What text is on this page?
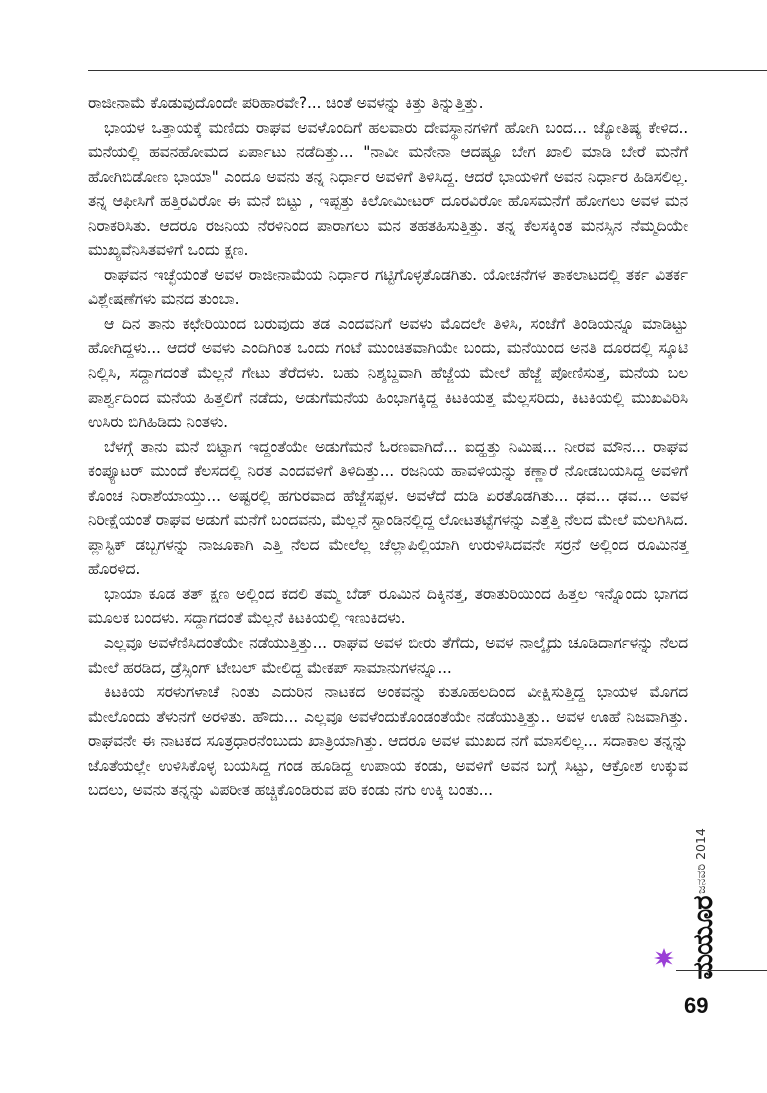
ರಾಜೀನಾಮೆ ಕೊಡುವುದೊಂದೇ ಪರಿಹಾರವೇ?... ಚಿಂತೆ ಅವಳನ್ನು ಕಿತ್ತು ತಿನ್ನುತ್ತಿತ್ತು.

ಭಾಯಳ ಒತ್ತಾಯಕ್ಕೆ ಮಣಿದು ರಾಘವ ಅವಳೊಂದಿಗೆ ಹಲವಾರು ದೇವಸ್ಥಾನಗಳಿಗೆ ಹೋಗಿ ಬಂದ... ಜ್ಯೋತಿಷ್ಯ ಕೇಳಿದ.. ಮನೆಯಲ್ಲಿ ಹವನಹೋಮದ ಏರ್ಪಾಟು ನಡೆದಿತ್ತು... "ನಾವೀ ಮನೇನಾ ಆದಷ್ಟೂ ಬೇಗ ಖಾಲಿ ಮಾಡಿ ಬೇರೆ ಮನೆಗೆ ಹೋಗಿಬಿಡೋಣ ಭಾಯಾ" ಎಂದೂ ಅವನು ತನ್ನ ನಿರ್ಧಾರ ಅವಳಿಗೆ ತಿಳಿಸಿದ್ದ. ಆದರೆ ಭಾಯಳಿಗೆ ಅವನ ನಿರ್ಧಾರ ಹಿಡಿಸಲಿಲ್ಲ. ತನ್ನ ಆಫೀಸಿಗೆ ಹತ್ತಿರವಿರೋ ಈ ಮನೆ ಬಿಟ್ಟು , ಇಪ್ಪತ್ತು ಕಿಲೋಮೀಟರ್ ದೂರವಿರೋ ಹೊಸಮನೆಗೆ ಹೋಗಲು ಅವಳ ಮನ ನಿರಾಕರಿಸಿತು. ಆದರೂ ರಜನಿಯ ನೆರಳಿನಿಂದ ಪಾರಾಗಲು ಮನ ತಹತಹಿಸುತ್ತಿತ್ತು. ತನ್ನ ಕೆಲಸಕ್ಕಿಂತ ಮನಸ್ಸಿನ ನೆಮ್ಮದಿಯೇ ಮುಖ್ಯವೆನಿಸಿತವಳಿಗೆ ಒಂದು ಕ್ಷಣ.

ರಾಘವನ ಇಚ್ಛೆಯಂತೆ ಅವಳ ರಾಜೀನಾಮೆಯ ನಿರ್ಧಾರ ಗಟ್ಟಿಗೊಳ್ಳತೊಡಗಿತು. ಯೋಚನೆಗಳ ತಾಕಲಾಟದಲ್ಲಿ ತರ್ಕ ವಿತರ್ಕ ವಿಶ್ಲೇಷಣೆಗಳು ಮನದ ತುಂಬಾ.

ಆ ದಿನ ತಾನು ಕಛೇರಿಯಿಂದ ಬರುವುದು ತಡ ಎಂದವನಿಗೆ ಅವಳು ಮೊದಲೇ ತಿಳಿಸಿ, ಸಂಜೆಗೆ ತಿಂಡಿಯನ್ನೂ ಮಾಡಿಟ್ಟು ಹೋಗಿದ್ದಳು... ಆದರೆ ಅವಳು ಎಂದಿಗಿಂತ ಒಂದು ಗಂಟೆ ಮುಂಚಿತವಾಗಿಯೇ ಬಂದು, ಮನೆಯಿಂದ ಅನತಿ ದೂರದಲ್ಲಿ ಸ್ಕೂಟಿ ನಿಲ್ಲಿಸಿ, ಸದ್ದಾಗದಂತೆ ಮೆಲ್ಲನೆ ಗೇಟು ತೆರೆದಳು. ಬಹು ನಿಶ್ಶಬ್ದವಾಗಿ ಹೆಜ್ಜೆಯ ಮೇಲೆ ಹೆಜ್ಜೆ ಪೋಣಿಸುತ್ತ, ಮನೆಯ ಬಲ ಪಾರ್ಶ್ವದಿಂದ ಮನೆಯ ಹಿತ್ತಲಿಗೆ ನಡೆದು, ಅಡುಗೆಮನೆಯ ಹಿಂಭಾಗಕ್ಕಿದ್ದ ಕಿಟಕಿಯತ್ತ ಮೆಲ್ಲಸರಿದು, ಕಿಟಕಿಯಲ್ಲಿ ಮುಖವಿರಿಸಿ ಉಸಿರು ಬಿಗಿಹಿಡಿದು ನಿಂತಳು.

ಬೆಳಗ್ಗೆ ತಾನು ಮನೆ ಬಿಟ್ಟಾಗ ಇದ್ದಂತೆಯೇ ಅಡುಗೆಮನೆ ಓರಣವಾಗಿದೆ... ಐದ್ಹತ್ತು ನಿಮಿಷ... ನೀರವ ಮೌನ... ರಾಘವ ಕಂಪ್ಯೂಟರ್ ಮುಂದೆ ಕೆಲಸದಲ್ಲಿ ನಿರತ ಎಂದವಳಿಗೆ ತಿಳಿದಿತ್ತು... ರಜನಿಯ ಹಾವಳಿಯನ್ನು ಕಣ್ಣಾರೆ ನೋಡಬಯಸಿದ್ದ ಅವಳಿಗೆ ಕೊಂಚ ನಿರಾಶೆಯಾಯ್ತು... ಅಷ್ಟರಲ್ಲಿ ಹಗುರವಾದ ಹೆಜ್ಜೆಸಪ್ಪಳ. ಅವಳೆದೆ ದುಡಿ ಏರತೊಡಗಿತು... ಢವ... ಢವ... ಅವಳ ನಿರೀಕ್ಷೆಯಂತೆ ರಾಘವ ಅಡುಗೆ ಮನೆಗೆ ಬಂದವನು, ಮೆಲ್ಲನೆ ಸ್ಟಾಂಡಿನಲ್ಲಿದ್ದ ಲೋಟತಟ್ಟೆಗಳನ್ನು ಎತ್ತೆತ್ತಿ ನೆಲದ ಮೇಲೆ ಮಲಗಿಸಿದ. ಪ್ಲಾಸ್ಟಿಕ್ ಡಬ್ಬಗಳನ್ನು ನಾಜೂಕಾಗಿ ಎತ್ತಿ ನೆಲದ ಮೇಲೆಲ್ಲ ಚೆಲ್ಲಾಪಿಲ್ಲಿಯಾಗಿ ಉರುಳಿಸಿದವನೇ ಸರ್ರನೆ ಅಲ್ಲಿಂದ ರೂಮಿನತ್ತ ಹೊರಳಿದ.

ಭಾಯಾ ಕೂಡ ತತ್ ಕ್ಷಣ ಅಲ್ಲಿಂದ ಕದಲಿ ತಮ್ಮ ಬೆಡ್ ರೂಮಿನ ದಿಕ್ಕಿನತ್ತ, ತರಾತುರಿಯಿಂದ ಹಿತ್ತಲ ಇನ್ನೊಂದು ಭಾಗದ ಮೂಲಕ ಬಂದಳು. ಸದ್ದಾಗದಂತೆ ಮೆಲ್ಲನೆ ಕಿಟಕಿಯಲ್ಲಿ ಇಣುಕಿದಳು.

ಎಲ್ಲವೂ ಅವಳೆಣಿಸಿದಂತೆಯೇ ನಡೆಯುತ್ತಿತ್ತು... ರಾಘವ ಅವಳ ಬೀರು ತೆಗೆದು, ಅವಳ ನಾಲ್ಕೈದು ಚೂಡಿದಾರ್ಗಳನ್ನು ನೆಲದ ಮೇಲೆ ಹರಡಿದ, ಡ್ರೆಸ್ಸಿಂಗ್ ಟೇಬಲ್ ಮೇಲಿದ್ದ ಮೇಕಪ್ ಸಾಮಾನುಗಳನ್ನೂ...

ಕಿಟಕಿಯ ಸರಳುಗಳಾಚೆ ನಿಂತು ಎದುರಿನ ನಾಟಕದ ಅಂಕವನ್ನು ಕುತೂಹಲದಿಂದ ವೀಕ್ಷಿಸುತ್ತಿದ್ದ ಭಾಯಳ ಮೊಗದ ಮೇಲೊಂದು ತೆಳುನಗೆ ಅರಳಿತು. ಹೌದು... ಎಲ್ಲವೂ ಅವಳೆಂದುಕೊಂಡಂತೆಯೇ ನಡೆಯುತ್ತಿತ್ತು.. ಅವಳ ಊಹೆ ನಿಜವಾಗಿತ್ತು. ರಾಘವನೇ ಈ ನಾಟಕದ ಸೂತ್ರಧಾರನೆಂಬುದು ಖಾತ್ರಿಯಾಗಿತ್ತು. ಆದರೂ ಅವಳ ಮುಖದ ನಗೆ ಮಾಸಲಿಲ್ಲ... ಸದಾಕಾಲ ತನ್ನನ್ನು ಜೊತೆಯಲ್ಲೇ ಉಳಿಸಿಕೊಳ್ಳ ಬಯಸಿದ್ದ ಗಂಡ ಹೂಡಿದ್ದ ಉಪಾಯ ಕಂಡು, ಅವಳಿಗೆ ಅವನ ಬಗ್ಗೆ ಸಿಟ್ಟು, ಆಕ್ರೋಶ ಉಕ್ಕುವ ಬದಲು, ಅವನು ತನ್ನನ್ನು ವಿಪರೀತ ಹಚ್ಚಿಕೊಂಡಿರುವ ಪರಿ ಕಂಡು ನಗು ಉಕ್ಕಿ ಬಂತು...

ಜನವರಿ 2014
ಮಯೂರ
69
